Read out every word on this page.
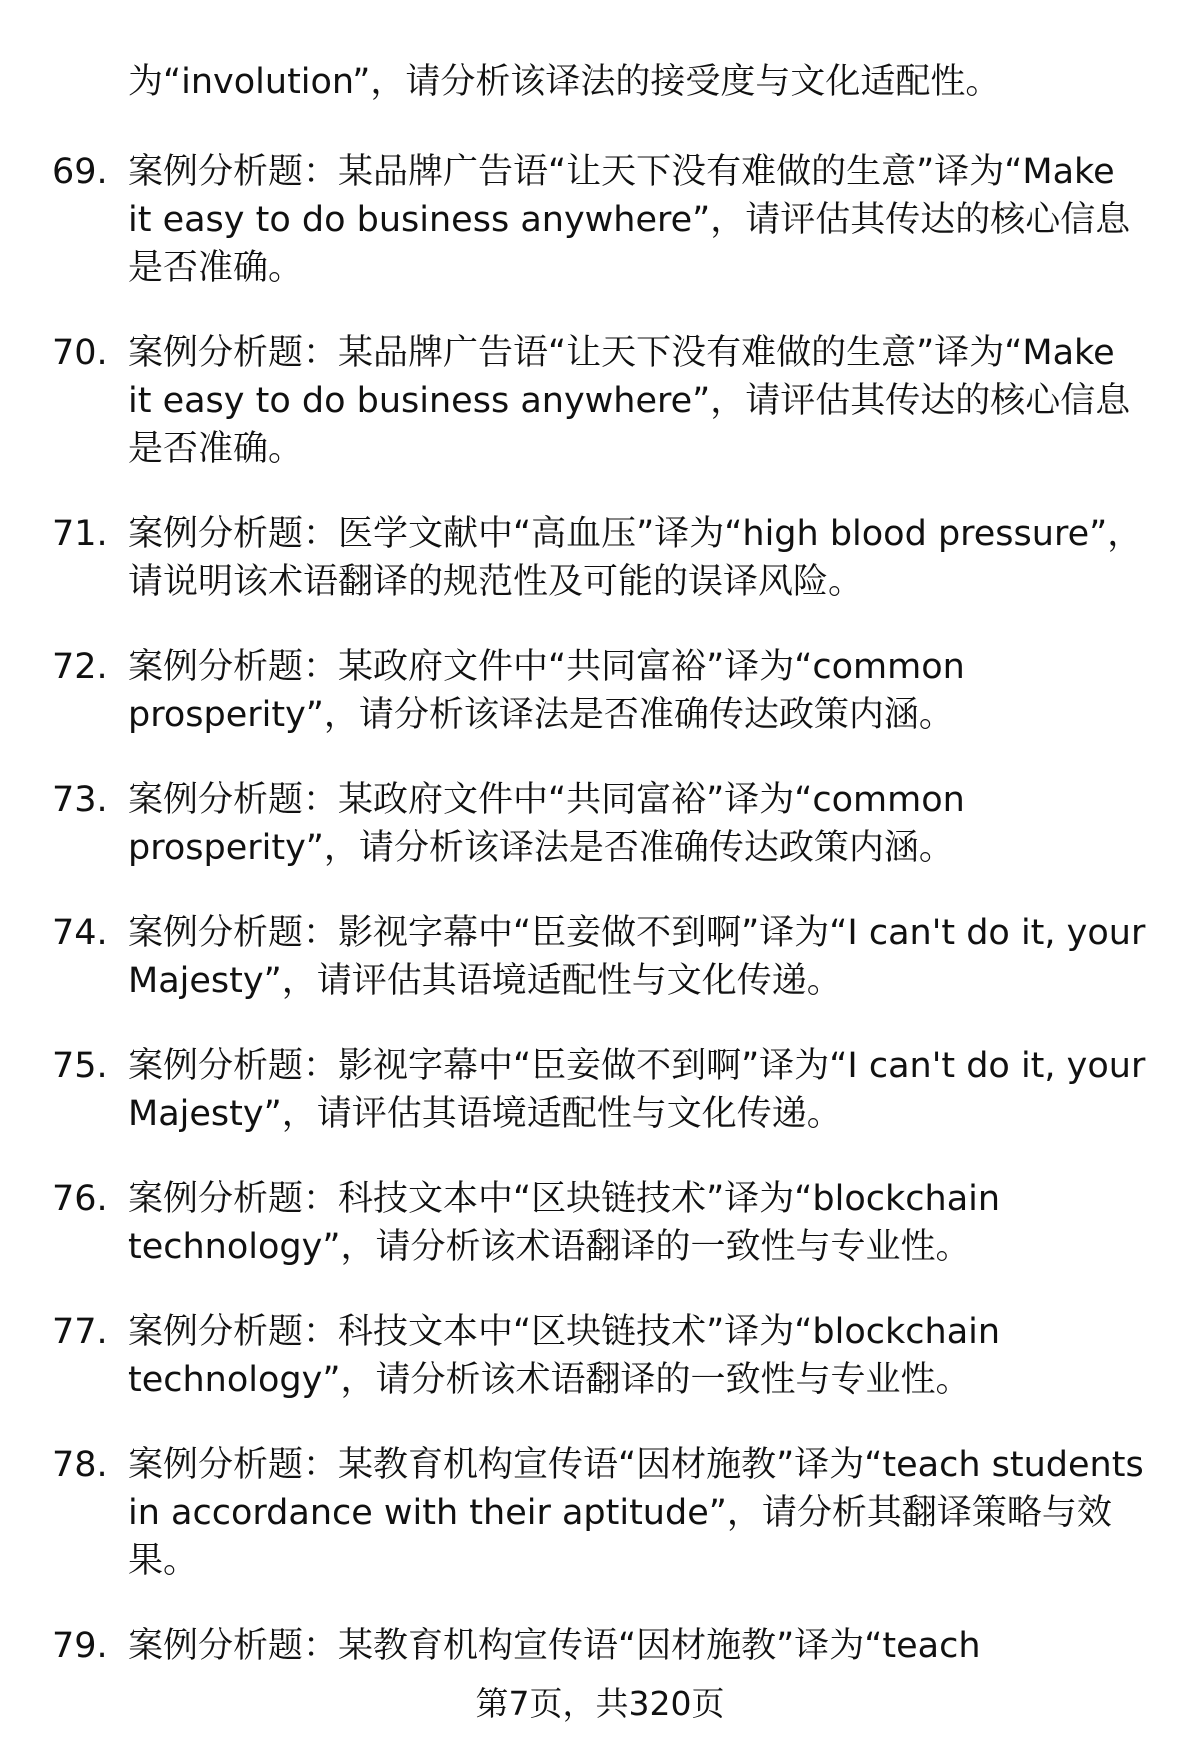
为“involution”，请分析该译法的接受度与文化适配性。

69. 案例分析题：某品牌广告语“让天下没有难做的生意”译为“Make it easy to do business anywhere”，请评估其传达的核心信息是否准确。
70. 案例分析题：某品牌广告语“让天下没有难做的生意”译为“Make it easy to do business anywhere”，请评估其传达的核心信息是否准确。
71. 案例分析题：医学文献中“高血压”译为“high blood pressure”，请说明该术语翻译的规范性及可能的误译风险。
72. 案例分析题：某政府文件中“共同富裕”译为“common prosperity”，请分析该译法是否准确传达政策内涵。
73. 案例分析题：某政府文件中“共同富裕”译为“common prosperity”，请分析该译法是否准确传达政策内涵。
74. 案例分析题：影视字幕中“臣妾做不到啊”译为“I can't do it, your Majesty”，请评估其语境适配性与文化传递。
75. 案例分析题：影视字幕中“臣妾做不到啊”译为“I can't do it, your Majesty”，请评估其语境适配性与文化传递。
76. 案例分析题：科技文本中“区块链技术”译为“blockchain technology”，请分析该术语翻译的一致性与专业性。
77. 案例分析题：科技文本中“区块链技术”译为“blockchain technology”，请分析该术语翻译的一致性与专业性。
78. 案例分析题：某教育机构宣传语“因材施教”译为“teach students in accordance with their aptitude”，请分析其翻译策略与效果。
79. 案例分析题：某教育机构宣传语“因材施教”译为“teach
第7页，共320页
